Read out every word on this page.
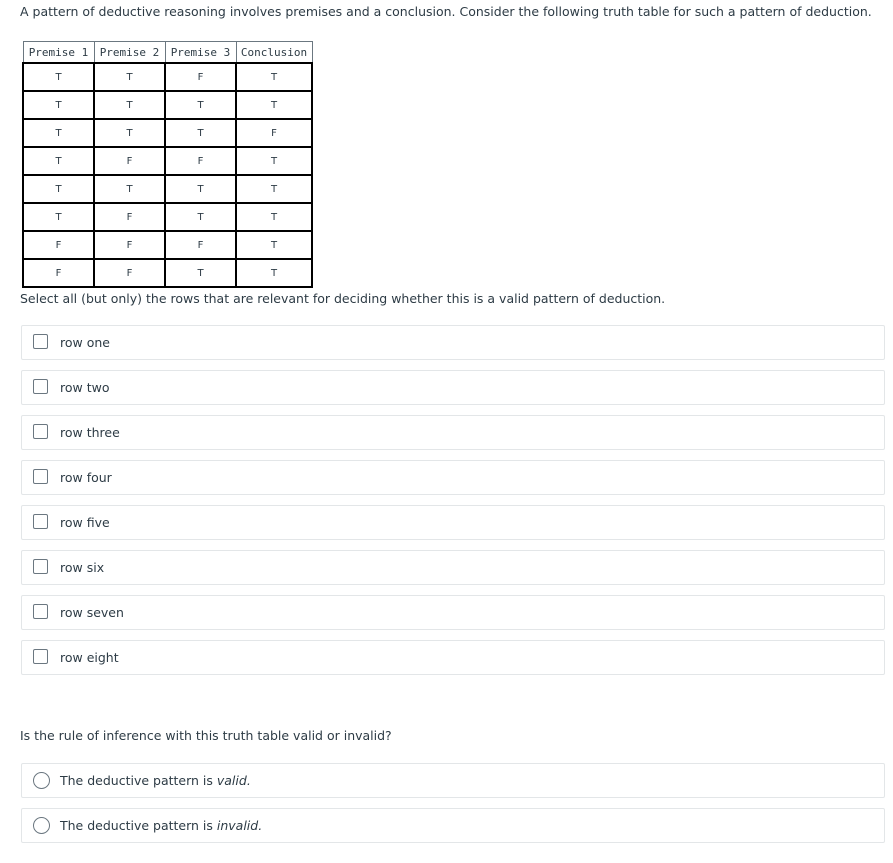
A pattern of deductive reasoning involves premises and a conclusion. Consider the following truth table for such a pattern of deduction.

Premise 1	Premise 2	Premise 3	Conclusion
T	T	F	T
T	T	T	T
T	T	T	F
T	F	F	T
T	T	T	T
T	F	T	T
F	F	F	T
F	F	T	T

Select all (but only) the rows that are relevant for deciding whether this is a valid pattern of deduction.

row one
row two
row three
row four
row five
row six
row seven
row eight

Is the rule of inference with this truth table valid or invalid?

The deductive pattern is valid.
The deductive pattern is invalid.
